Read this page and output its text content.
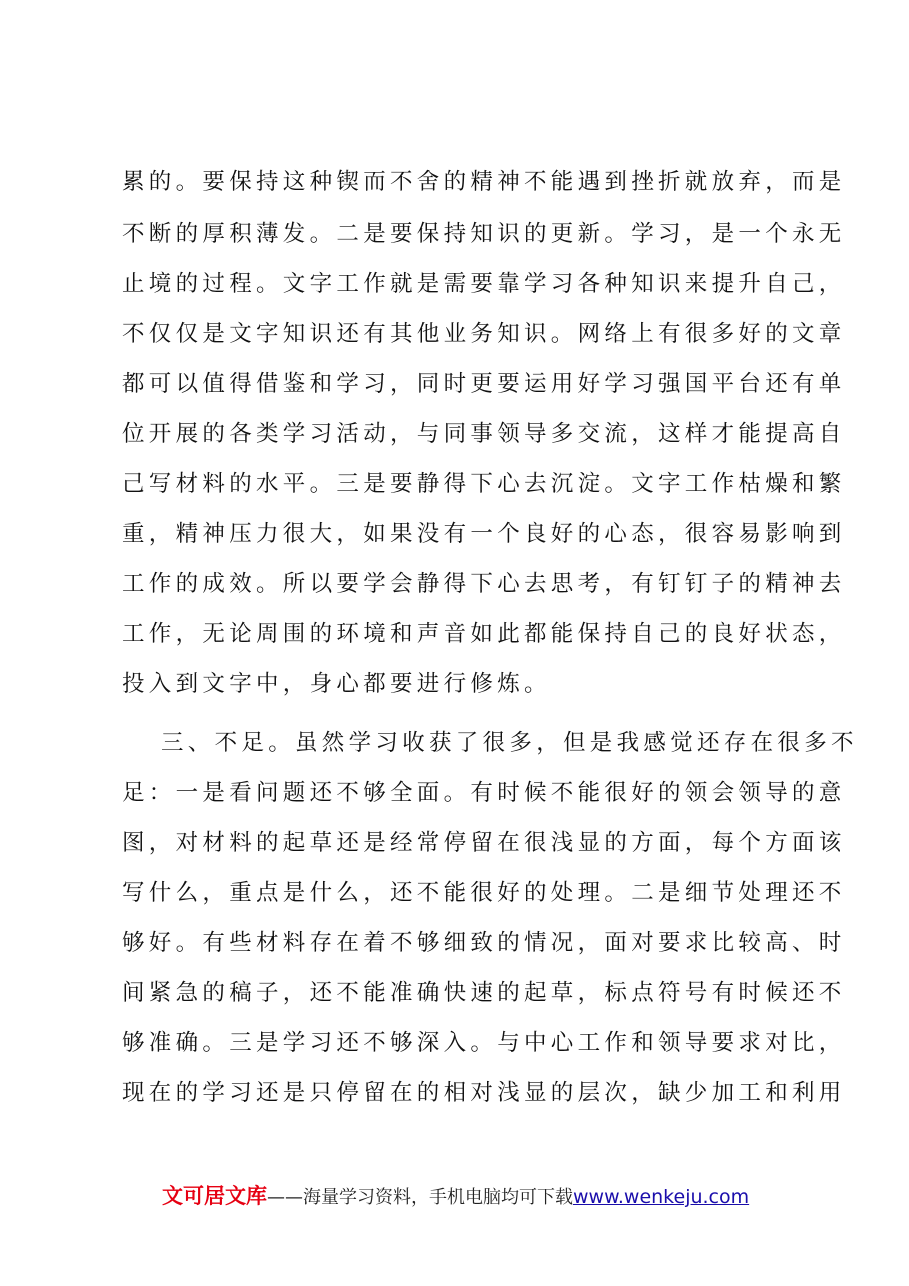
累的。要保持这种锲而不舍的精神不能遇到挫折就放弃，而是
不断的厚积薄发。二是要保持知识的更新。学习，是一个永无
止境的过程。文字工作就是需要靠学习各种知识来提升自己，
不仅仅是文字知识还有其他业务知识。网络上有很多好的文章
都可以值得借鉴和学习，同时更要运用好学习强国平台还有单
位开展的各类学习活动，与同事领导多交流，这样才能提高自
己写材料的水平。三是要静得下心去沉淀。文字工作枯燥和繁
重，精神压力很大，如果没有一个良好的心态，很容易影响到
工作的成效。所以要学会静得下心去思考，有钉钉子的精神去
工作，无论周围的环境和声音如此都能保持自己的良好状态，
投入到文字中，身心都要进行修炼。
三、不足。虽然学习收获了很多，但是我感觉还存在很多不
足：一是看问题还不够全面。有时候不能很好的领会领导的意
图，对材料的起草还是经常停留在很浅显的方面，每个方面该
写什么，重点是什么，还不能很好的处理。二是细节处理还不
够好。有些材料存在着不够细致的情况，面对要求比较高、时
间紧急的稿子，还不能准确快速的起草，标点符号有时候还不
够准确。三是学习还不够深入。与中心工作和领导要求对比，
现在的学习还是只停留在的相对浅显的层次，缺少加工和利用
文可居文库——海量学习资料，手机电脑均可下载www.wenkeju.com
